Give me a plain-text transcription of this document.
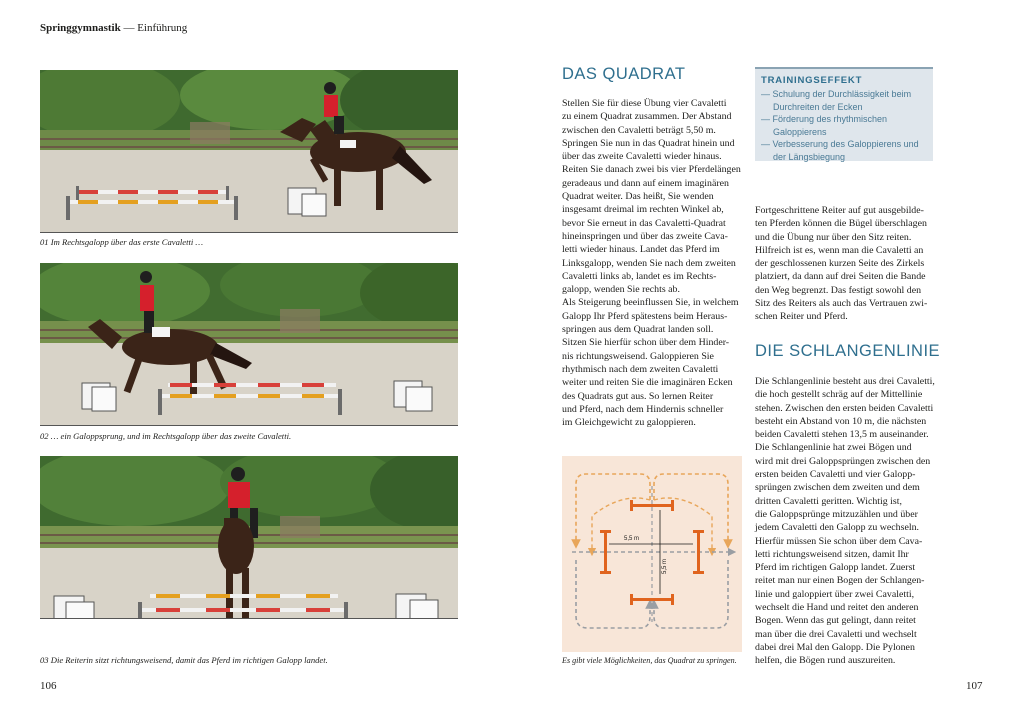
Springgymnastik — Einführung
01 Im Rechtsgalopp über das erste Cavaletti …
02 … ein Galoppsprung, und im Rechtsgalopp über das zweite Cavaletti.
03 Die Reiterin sitzt richtungsweisend, damit das Pferd im richtigen Galopp landet.
106
DAS QUADRAT

Stellen Sie für diese Übung vier Cavaletti

zu einem Quadrat zusammen. Der Abstand

zwischen den Cavaletti beträgt 5,50 m.

Springen Sie nun in das Quadrat hinein und

über das zweite Cavaletti wieder hinaus.

Reiten Sie danach zwei bis vier Pferdelängen

geradeaus und dann auf einem imaginären

Quadrat weiter. Das heißt, Sie wenden

insgesamt dreimal im rechten Winkel ab,

bevor Sie erneut in das Cavaletti-Quadrat

hineinspringen und über das zweite Cava-

letti wieder hinaus. Landet das Pferd im

Linksgalopp, wenden Sie nach dem zweiten

Cavaletti links ab, landet es im Rechts-

galopp, wenden Sie rechts ab.

Als Steigerung beeinflussen Sie, in welchem

Galopp Ihr Pferd spätestens beim Heraus-

springen aus dem Quadrat landen soll.

Sitzen Sie hierfür schon über dem Hinder-

nis richtungsweisend. Galoppieren Sie

rhythmisch nach dem zweiten Cavaletti

weiter und reiten Sie die imaginären Ecken

des Quadrats gut aus. So lernen Reiter

und Pferd, nach dem Hindernis schneller

im Gleichgewicht zu galoppieren.

TRAININGSEFFEKT
— Schulung der Durchlässigkeit beim Durchreiten der Ecken
— Förderung des rhythmischen Galoppierens
— Verbesserung des Galoppierens und der Längsbiegung

Fortgeschrittene Reiter auf gut ausgebilde-

ten Pferden können die Bügel überschlagen

und die Übung nur über den Sitz reiten.

Hilfreich ist es, wenn man die Cavaletti an

der geschlossenen kurzen Seite des Zirkels

platziert, da dann auf drei Seiten die Bande

den Weg begrenzt. Das festigt sowohl den

Sitz des Reiters als auch das Vertrauen zwi-

schen Reiter und Pferd.

DIE SCHLANGENLINIE

Die Schlangenlinie besteht aus drei Cavaletti,

die hoch gestellt schräg auf der Mittellinie

stehen. Zwischen den ersten beiden Cavaletti

besteht ein Abstand von 10 m, die nächsten

beiden Cavaletti stehen 13,5 m auseinander.

Die Schlangenlinie hat zwei Bögen und

wird mit drei Galoppsprüngen zwischen den

ersten beiden Cavaletti und vier Galopp-

sprüngen zwischen dem zweiten und dem

dritten Cavaletti geritten. Wichtig ist,

die Galoppsprünge mitzuzählen und über

jedem Cavaletti den Galopp zu wechseln.

Hierfür müssen Sie schon über dem Cava-

letti richtungsweisend sitzen, damit Ihr

Pferd im richtigen Galopp landet. Zuerst

reitet man nur einen Bogen der Schlangen-

linie und galoppiert über zwei Cavaletti,

wechselt die Hand und reitet den anderen

Bogen. Wenn das gut gelingt, dann reitet

man über die drei Cavaletti und wechselt

dabei drei Mal den Galopp. Die Pylonen

helfen, die Bögen rund auszureiten.

5,5 m
5,5 m
Es gibt viele Möglichkeiten, das Quadrat zu springen.
107
